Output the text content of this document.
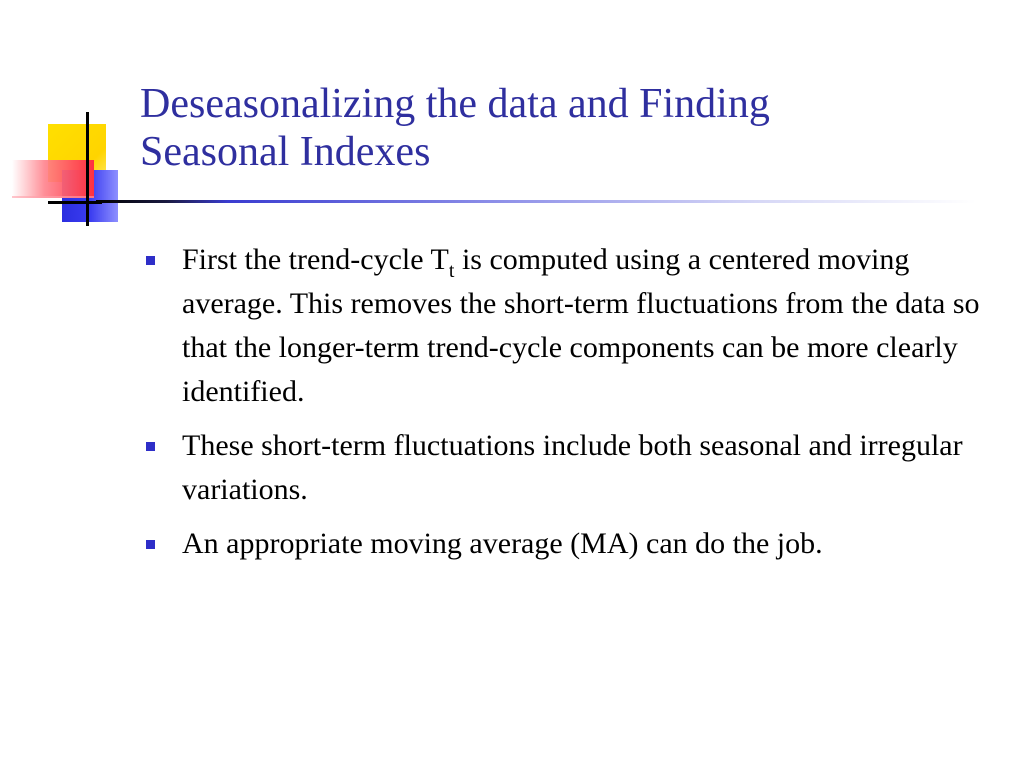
Deseasonalizing the data and Finding
Seasonal Indexes
First the trend-cycle $T_t$ is computed using a centered moving average. This removes the short-term fluctuations from the data so that the longer-term trend-cycle components can be more clearly identified.
These short-term fluctuations include both seasonal and irregular variations.
An appropriate moving average (MA) can do the job.
